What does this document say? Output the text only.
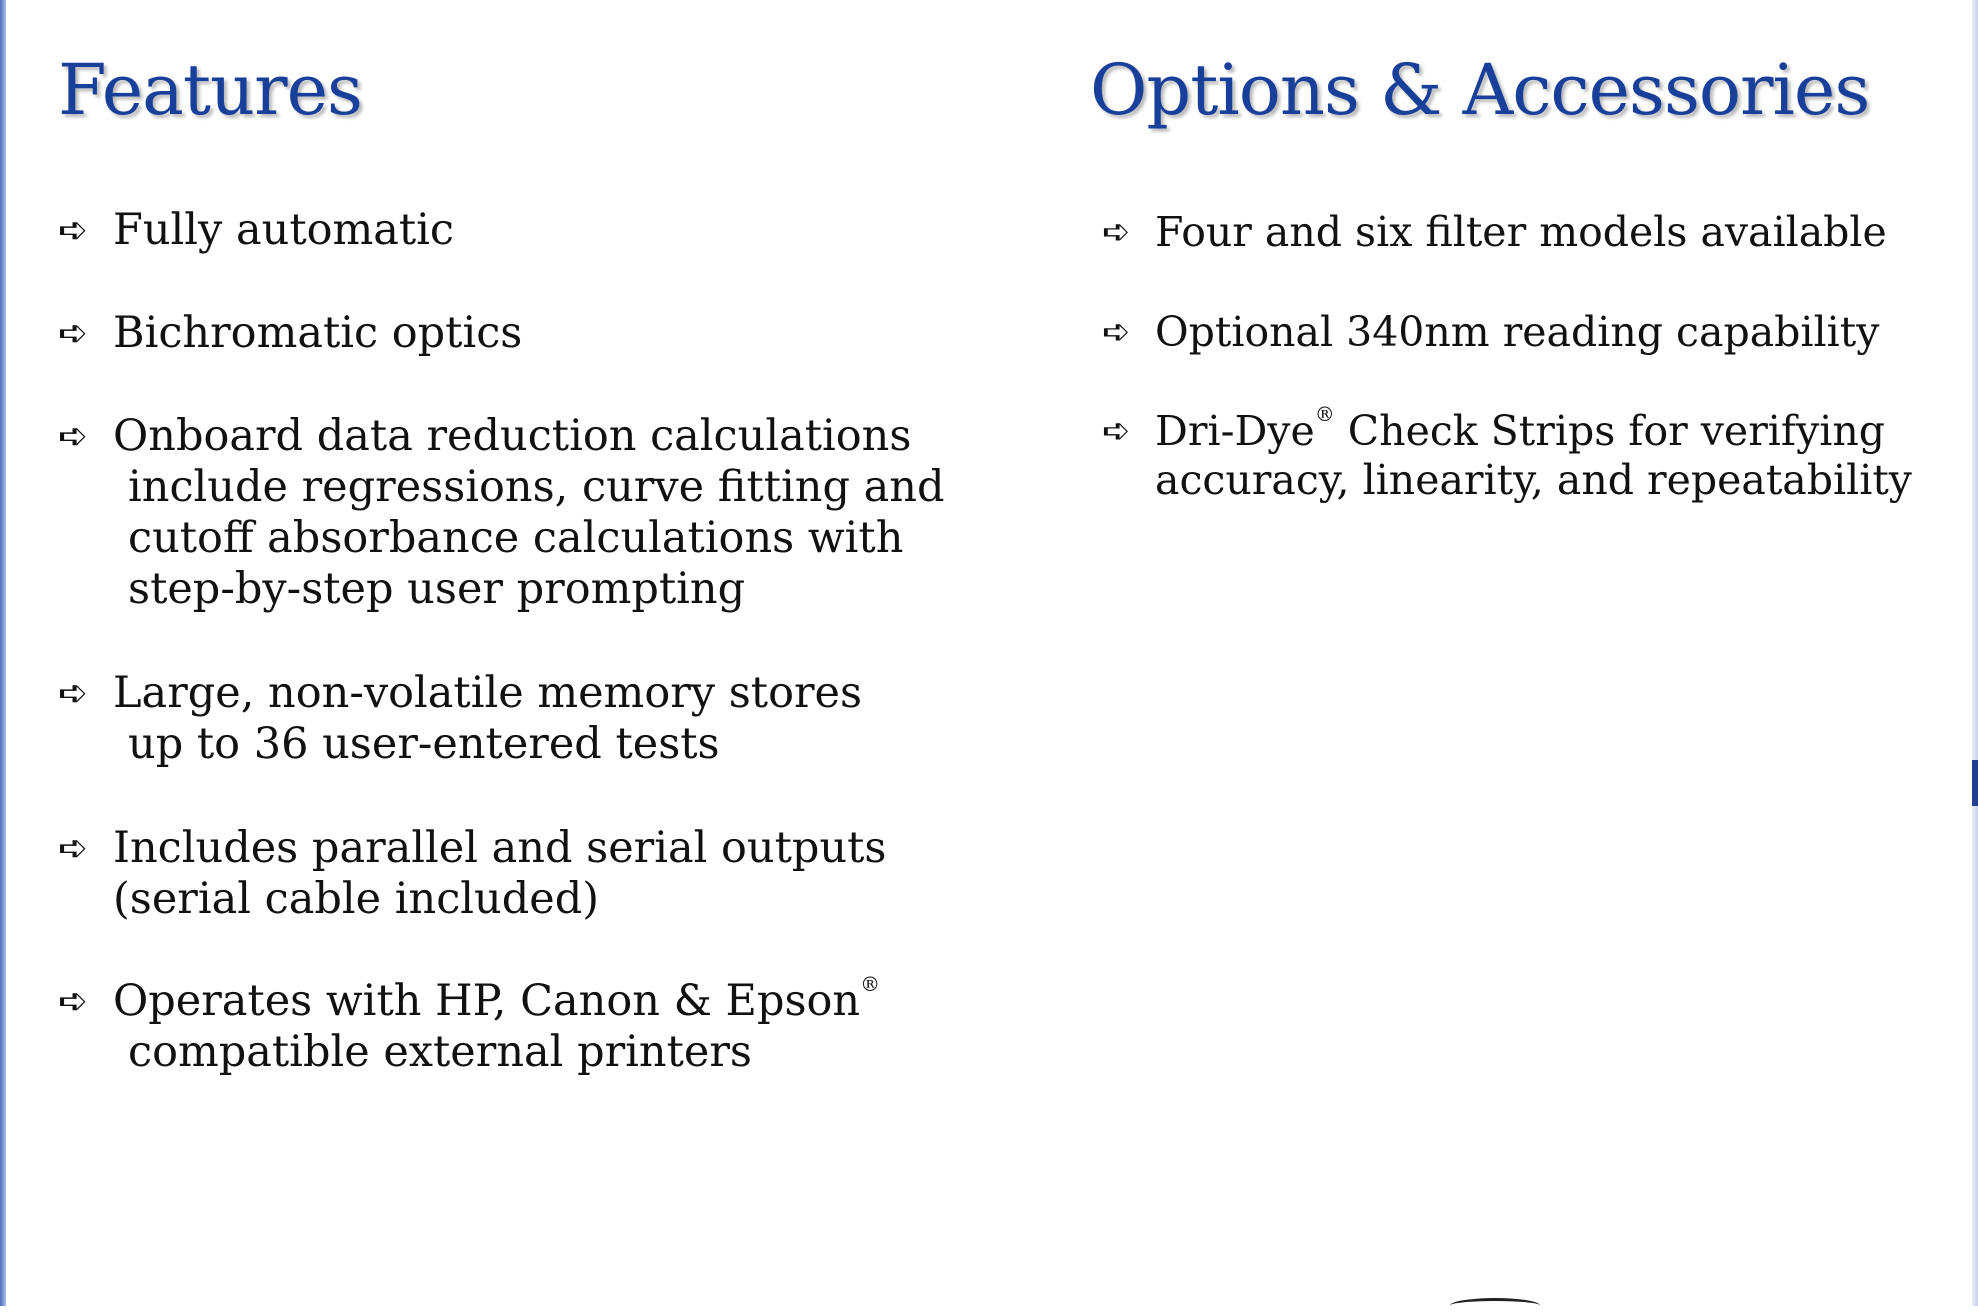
Features
➪ Fully automatic
➪ Bichromatic optics
➪ Onboard data reduction calculations
include regressions, curve fitting and
cutoff absorbance calculations with
step-by-step user prompting
➪ Large, non-volatile memory stores
up to 36 user-entered tests
➪ Includes parallel and serial outputs
(serial cable included)
➪ Operates with HP, Canon & Epson®
compatible external printers
Options & Accessories
➪ Four and six filter models available
➪ Optional 340nm reading capability
➪ Dri-Dye® Check Strips for verifying
accuracy, linearity, and repeatability
